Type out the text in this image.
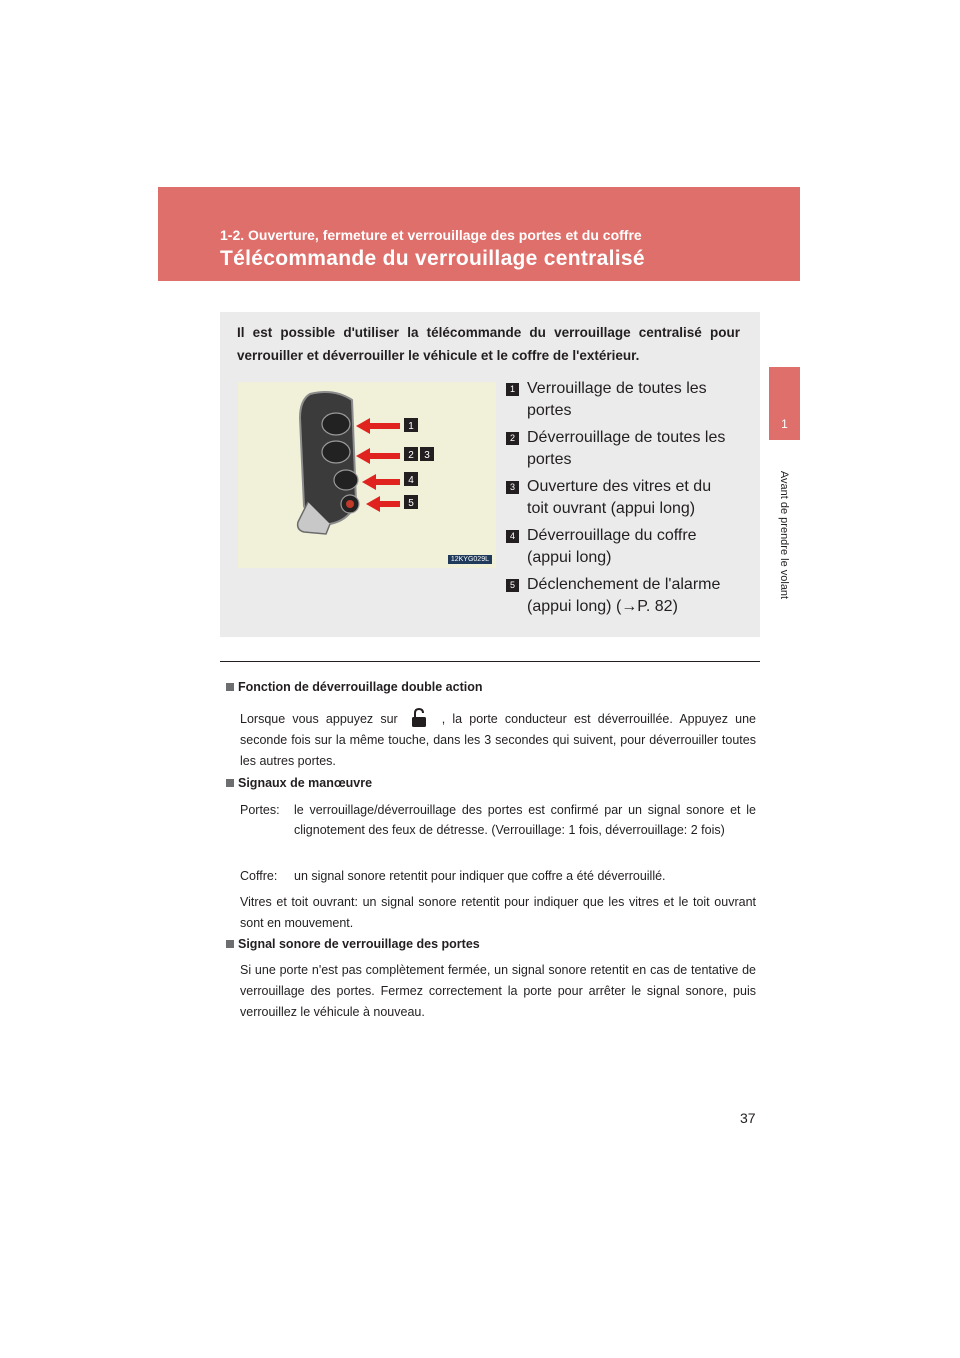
1-2. Ouverture, fermeture et verrouillage des portes et du coffre
Télécommande du verrouillage centralisé
1
Avant de prendre le volant
Il est possible d'utiliser la télécommande du verrouillage centralisé pour verrouiller et déverrouiller le véhicule et le coffre de l'extérieur.
1
2 3
4
5
12KYG029L
1 Verrouillage de toutes les portes
2 Déverrouillage de toutes les portes
3 Ouverture des vitres et du toit ouvrant (appui long)
4 Déverrouillage du coffre (appui long)
5 Déclenchement de l'alarme (appui long) (→P. 82)
Fonction de déverrouillage double action
Lorsque vous appuyez sur	, la porte conducteur est déverrouillée. Appuyez une seconde fois sur la même touche, dans les 3 secondes qui suivent, pour déverrouiller toutes les autres portes.
Signaux de manœuvre
Portes: le verrouillage/déverrouillage des portes est confirmé par un signal sonore et le clignotement des feux de détresse. (Verrouillage: 1 fois, déverrouillage: 2 fois)
Coffre: un signal sonore retentit pour indiquer que coffre a été déverrouillé.
Vitres et toit ouvrant: un signal sonore retentit pour indiquer que les vitres et le toit ouvrant sont en mouvement.
Signal sonore de verrouillage des portes
Si une porte n'est pas complètement fermée, un signal sonore retentit en cas de tentative de verrouillage des portes. Fermez correctement la porte pour arrêter le signal sonore, puis verrouillez le véhicule à nouveau.
37
